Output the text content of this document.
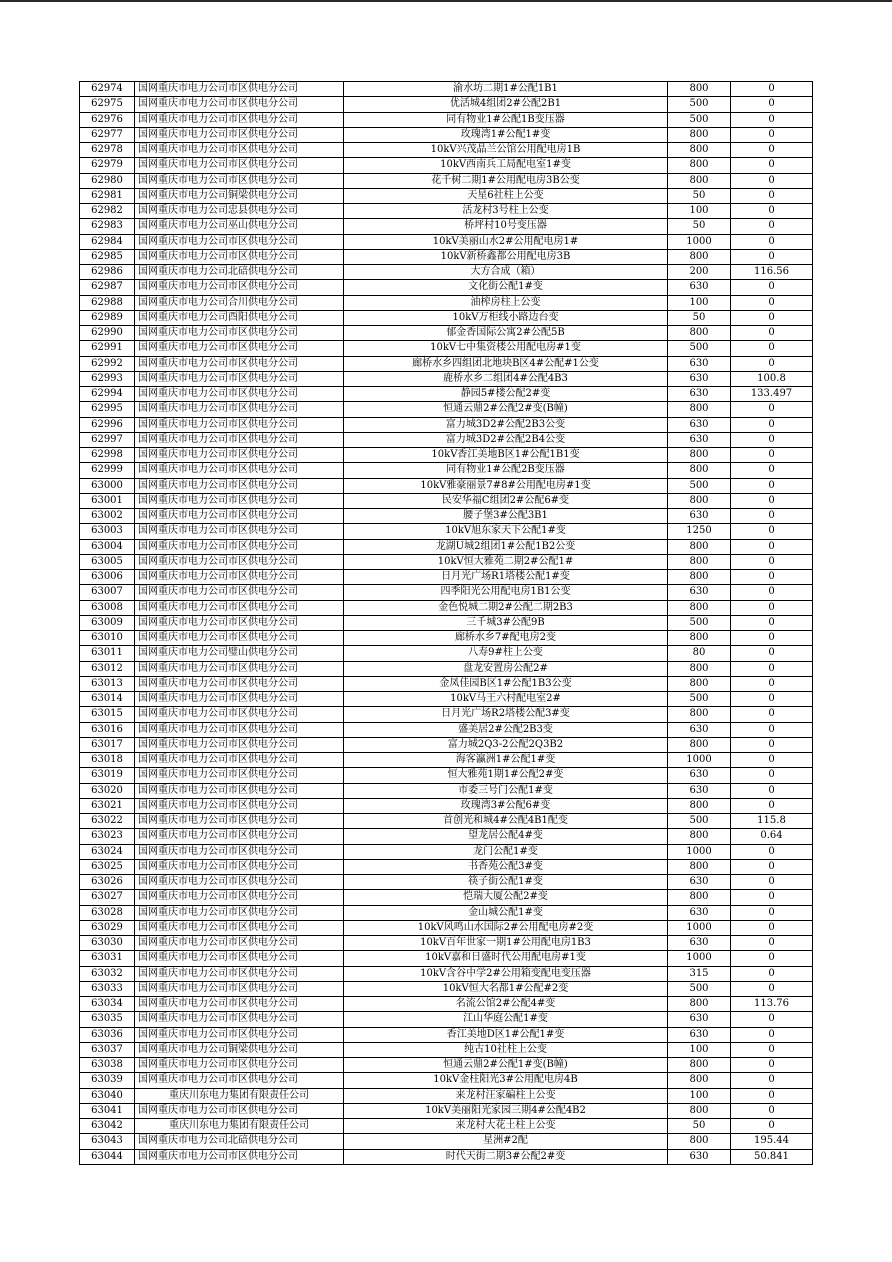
62974	国网重庆市电力公司市区供电分公司	渝水坊二期1#公配1B1	800	0
62975	国网重庆市电力公司市区供电分公司	优活城4组团2#公配2B1	500	0
62976	国网重庆市电力公司市区供电分公司	同有物业1#公配1B变压器	500	0
62977	国网重庆市电力公司市区供电分公司	玫瑰湾1#公配1#变	800	0
62978	国网重庆市电力公司市区供电分公司	10kV兴茂晶兰公馆公用配电房1B	800	0
62979	国网重庆市电力公司市区供电分公司	10kV西南兵工局配电室1#变	800	0
62980	国网重庆市电力公司市区供电分公司	花千树二期1#公用配电房3B公变	800	0
62981	国网重庆市电力公司铜梁供电分公司	天星6社柱上公变	50	0
62982	国网重庆市电力公司忠县供电分公司	活龙村3号柱上公变	100	0
62983	国网重庆市电力公司巫山供电分公司	桥坪村10号变压器	50	0
62984	国网重庆市电力公司市区供电分公司	10kV美丽山水2#公用配电房1#	1000	0
62985	国网重庆市电力公司市区供电分公司	10kV新桥鑫都公用配电房3B	800	0
62986	国网重庆市电力公司北碚供电分公司	大方合成（箱）	200	116.56
62987	国网重庆市电力公司市区供电分公司	文化街公配1#变	630	0
62988	国网重庆市电力公司合川供电分公司	油榨房柱上公变	100	0
62989	国网重庆市电力公司酉阳供电分公司	10kV万柜线小路边台变	50	0
62990	国网重庆市电力公司市区供电分公司	郁金香国际公寓2#公配5B	800	0
62991	国网重庆市电力公司市区供电分公司	10kV七中集资楼公用配电房#1变	500	0
62992	国网重庆市电力公司市区供电分公司	廊桥水乡四组团北地块B区4#公配#1公变	630	0
62993	国网重庆市电力公司市区供电分公司	鹿桥水乡二组团4#公配4B3	630	100.8
62994	国网重庆市电力公司市区供电分公司	静园5#楼公配2#变	630	133.497
62995	国网重庆市电力公司市区供电分公司	恒通云鼎2#公配2#变(B幢)	800	0
62996	国网重庆市电力公司市区供电分公司	富力城3D2#公配2B3公变	630	0
62997	国网重庆市电力公司市区供电分公司	富力城3D2#公配2B4公变	630	0
62998	国网重庆市电力公司市区供电分公司	10kV香江美地B区1#公配1B1变	800	0
62999	国网重庆市电力公司市区供电分公司	同有物业1#公配2B变压器	800	0
63000	国网重庆市电力公司市区供电分公司	10kV雅豪丽景7#8#公用配电房#1变	500	0
63001	国网重庆市电力公司市区供电分公司	民安华福C组团2#公配6#变	800	0
63002	国网重庆市电力公司市区供电分公司	腰子堡3#公配3B1	630	0
63003	国网重庆市电力公司市区供电分公司	10kV旭东家天下公配1#变	1250	0
63004	国网重庆市电力公司市区供电分公司	龙湖U城2组团1#公配1B2公变	800	0
63005	国网重庆市电力公司市区供电分公司	10kV恒大雅苑二期2#公配1#	800	0
63006	国网重庆市电力公司市区供电分公司	日月光广场R1塔楼公配1#变	800	0
63007	国网重庆市电力公司市区供电分公司	四季阳光公用配电房1B1公变	630	0
63008	国网重庆市电力公司市区供电分公司	金色悦城二期2#公配二期2B3	800	0
63009	国网重庆市电力公司市区供电分公司	三千城3#公配9B	500	0
63010	国网重庆市电力公司市区供电分公司	廊桥水乡7#配电房2变	800	0
63011	国网重庆市电力公司璧山供电分公司	八寿9#柱上公变	80	0
63012	国网重庆市电力公司市区供电分公司	盘龙安置房公配2#	800	0
63013	国网重庆市电力公司市区供电分公司	金凤佳园B区1#公配1B3公变	800	0
63014	国网重庆市电力公司市区供电分公司	10kV马王六村配电室2#	500	0
63015	国网重庆市电力公司市区供电分公司	日月光广场R2塔楼公配3#变	800	0
63016	国网重庆市电力公司市区供电分公司	盛美居2#公配2B3变	630	0
63017	国网重庆市电力公司市区供电分公司	富力城2Q3-2公配2Q3B2	800	0
63018	国网重庆市电力公司市区供电分公司	海客瀛洲1#公配1#变	1000	0
63019	国网重庆市电力公司市区供电分公司	恒大雅苑1期1#公配2#变	630	0
63020	国网重庆市电力公司市区供电分公司	市委三号门公配1#变	630	0
63021	国网重庆市电力公司市区供电分公司	玫瑰湾3#公配6#变	800	0
63022	国网重庆市电力公司市区供电分公司	首创光和城4#公配4B1配变	500	115.8
63023	国网重庆市电力公司市区供电分公司	望龙居公配4#变	800	0.64
63024	国网重庆市电力公司市区供电分公司	龙门公配1#变	1000	0
63025	国网重庆市电力公司市区供电分公司	书香苑公配3#变	800	0
63026	国网重庆市电力公司市区供电分公司	筷子街公配1#变	630	0
63027	国网重庆市电力公司市区供电分公司	恺瑞大厦公配2#变	800	0
63028	国网重庆市电力公司市区供电分公司	金山城公配1#变	630	0
63029	国网重庆市电力公司市区供电分公司	10kV风鸣山水国际2#公用配电房#2变	1000	0
63030	国网重庆市电力公司市区供电分公司	10kV百年世家一期1#公用配电房1B3	630	0
63031	国网重庆市电力公司市区供电分公司	10kV嘉和日盛时代公用配电房#1变	1000	0
63032	国网重庆市电力公司市区供电分公司	10kV含谷中学2#公用箱变配电变压器	315	0
63033	国网重庆市电力公司市区供电分公司	10kV恒大名都1#公配#2变	500	0
63034	国网重庆市电力公司市区供电分公司	名流公馆2#公配4#变	800	113.76
63035	国网重庆市电力公司市区供电分公司	江山华庭公配1#变	630	0
63036	国网重庆市电力公司市区供电分公司	香江美地D区1#公配1#变	630	0
63037	国网重庆市电力公司铜梁供电分公司	纯古10社柱上公变	100	0
63038	国网重庆市电力公司市区供电分公司	恒通云鼎2#公配1#变(B幢)	800	0
63039	国网重庆市电力公司市区供电分公司	10kV金柱阳光3#公用配电房4B	800	0
63040	重庆川东电力集团有限责任公司	来龙村汪家碥柱上公变	100	0
63041	国网重庆市电力公司市区供电分公司	10kV美丽阳光家园三期4#公配4B2	800	0
63042	重庆川东电力集团有限责任公司	来龙村大花土柱上公变	50	0
63043	国网重庆市电力公司北碚供电分公司	星洲#2配	800	195.44
63044	国网重庆市电力公司市区供电分公司	时代天街二期3#公配2#变	630	50.841
